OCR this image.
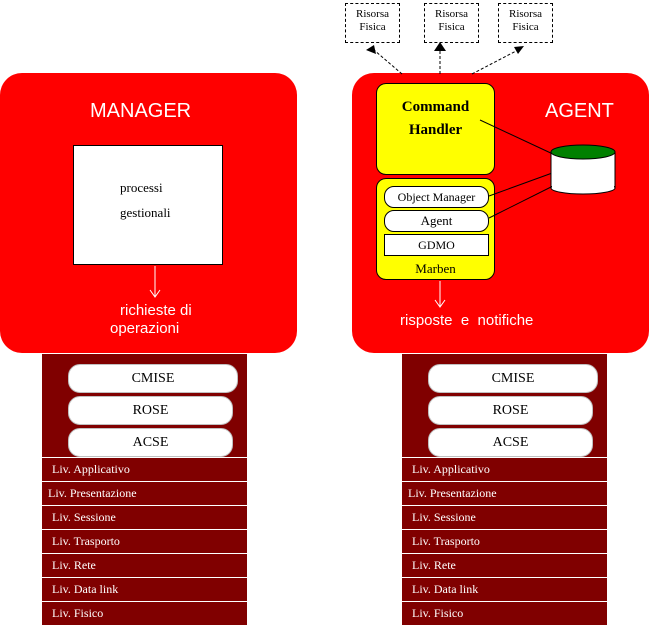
MANAGER
processi
gestionali
richieste di
operazioni
AGENT
Command
Handler
Object Manager
Agent
GDMO
Marben
risposte  e  notifiche
Risorsa
Fisica
Risorsa
Fisica
Risorsa
Fisica
CMISE
ROSE
ACSE
Liv. Applicativo
Liv. Presentazione
Liv. Sessione
Liv. Trasporto
Liv. Rete
Liv. Data link
Liv. Fisico
CMISE
ROSE
ACSE
Liv. Applicativo
Liv. Presentazione
Liv. Sessione
Liv. Trasporto
Liv. Rete
Liv. Data link
Liv. Fisico
